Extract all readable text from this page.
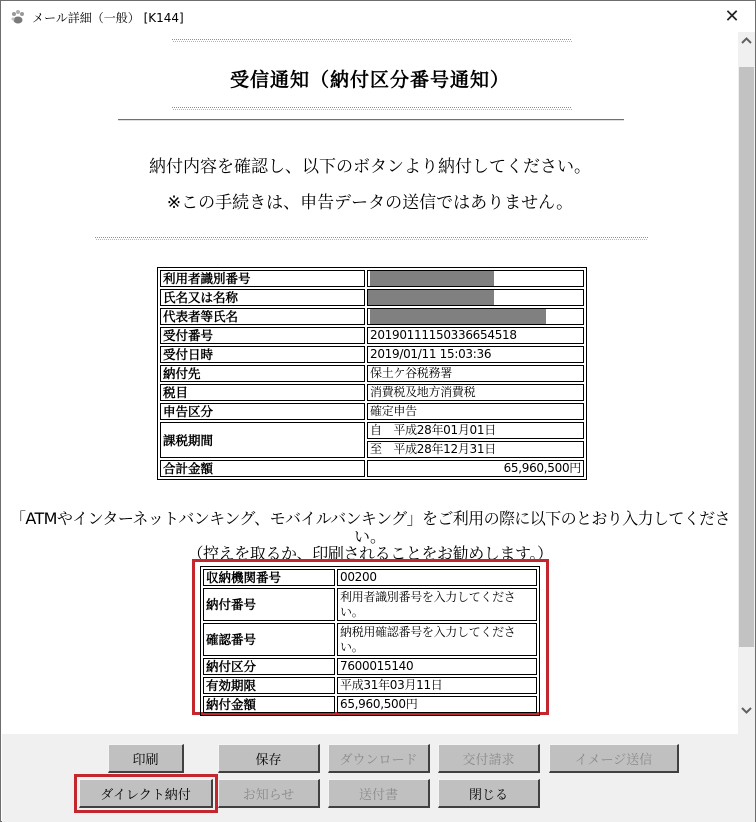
メール詳細（一般） [K144]	✕
受信通知（納付区分番号通知）
納付内容を確認し、以下のボタンより納付してください。
※この手続きは、申告データの送信ではありません。
利用者識別番号	
氏名又は名称	
代表者等氏名	
受付番号	20190111150336654518
受付日時	2019/01/11 15:03:36
納付先	保土ケ谷税務署
税目	消費税及地方消費税
申告区分	確定申告
課税期間	自　平成28年01月01日
	至　平成28年12月31日
合計金額	65,960,500円
「ATMやインターネットバンキング、モバイルバンキング」をご利用の際に以下のとおり入力してくださ
い。
（控えを取るか、印刷されることをお勧めします。）
収納機関番号	00200
納付番号	利用者識別番号を入力してください。
確認番号	納税用確認番号を入力してください。
納付区分	7600015140
有効期限	平成31年03月11日
納付金額	65,960,500円
印刷	保存	ダウンロード	交付請求	イメージ送信
ダイレクト納付	お知らせ	送付書	閉じる
